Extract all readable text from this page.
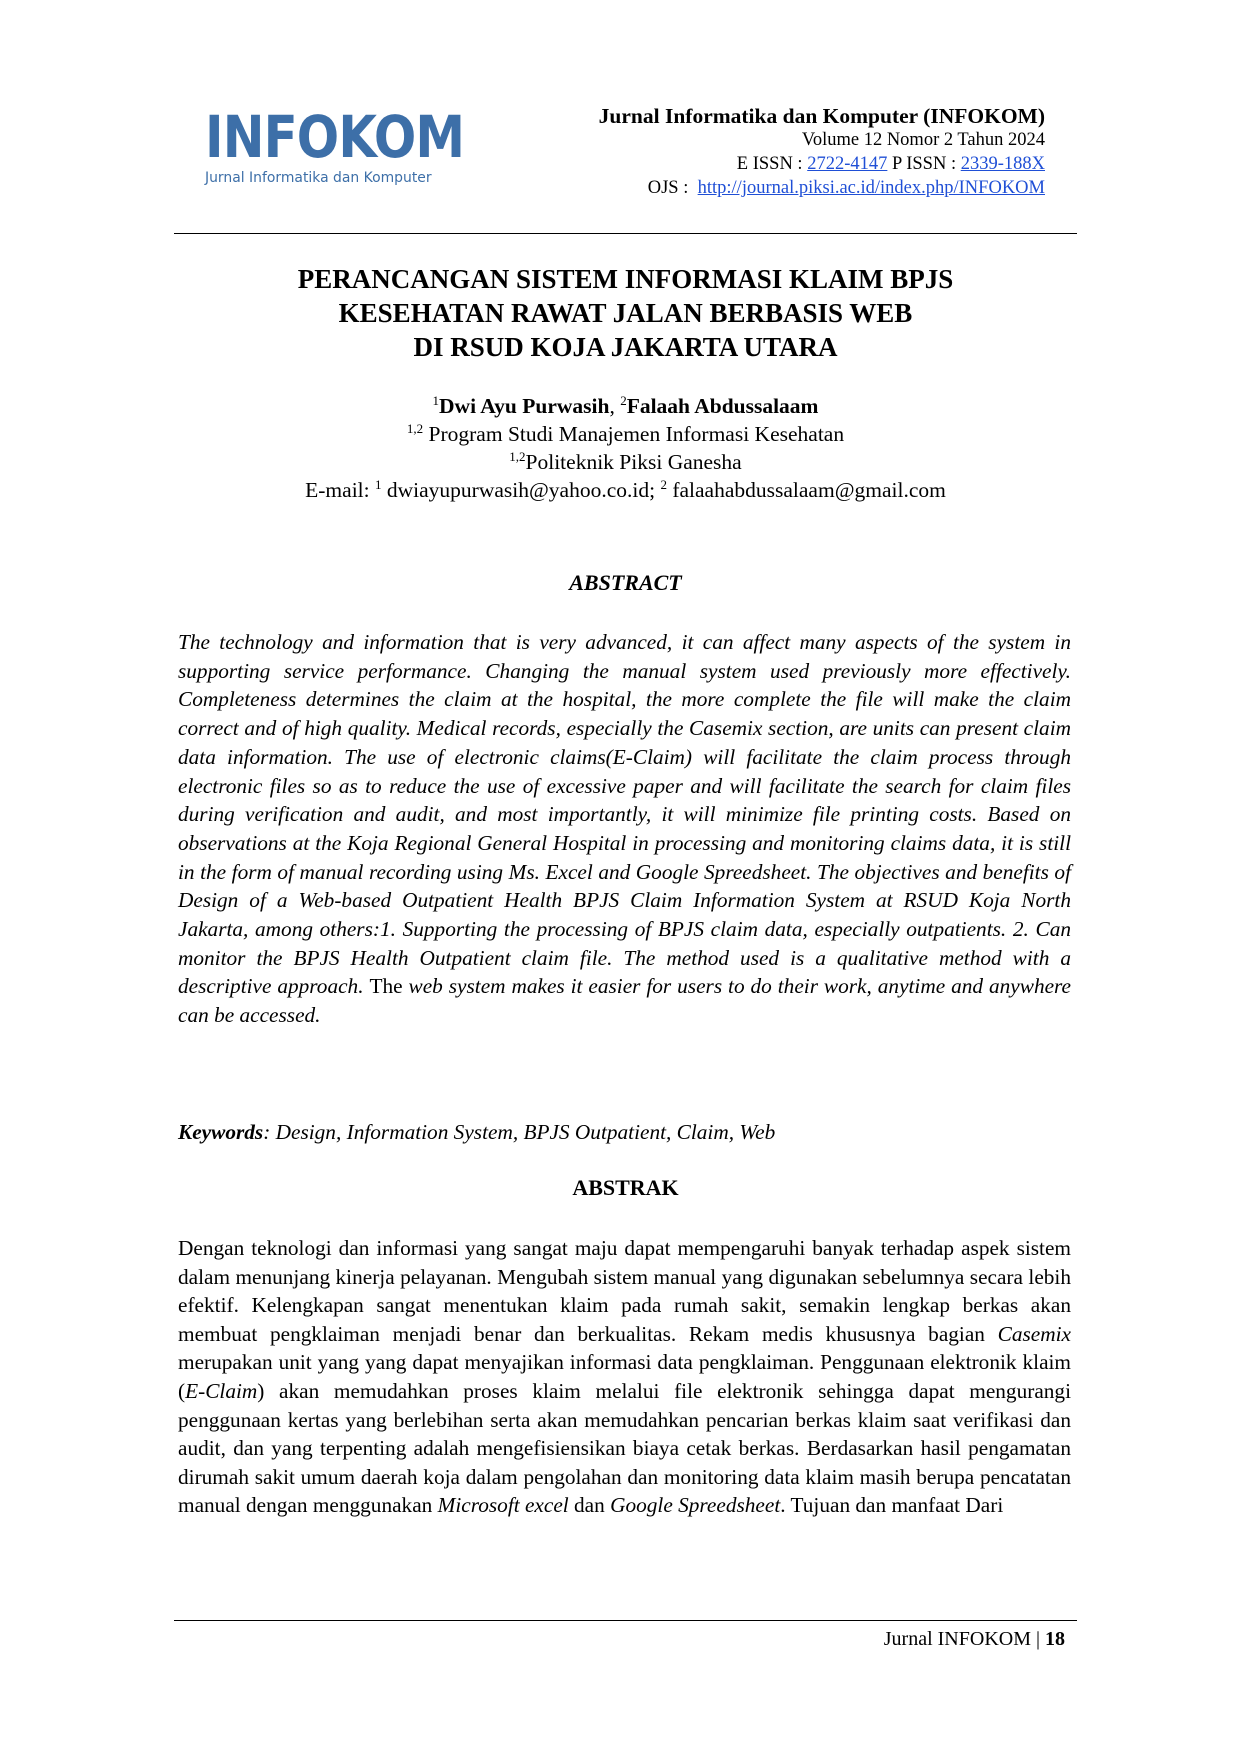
INFOKOM
Jurnal Informatika dan Komputer
Jurnal Informatika dan Komputer (INFOKOM)
Volume 12 Nomor 2 Tahun 2024
E ISSN : 2722-4147 P ISSN : 2339-188X
OJS : http://journal.piksi.ac.id/index.php/INFOKOM
PERANCANGAN SISTEM INFORMASI KLAIM BPJS
KESEHATAN RAWAT JALAN BERBASIS WEB
DI RSUD KOJA JAKARTA UTARA
$^1$Dwi Ayu Purwasih, $^2$Falaah Abdussalaam
$^{1,2}$ Program Studi Manajemen Informasi Kesehatan
$^{1,2}$Politeknik Piksi Ganesha
E-mail: $^1$ dwiayupurwasih@yahoo.co.id; $^2$ falaahabdussalaam@gmail.com
ABSTRACT
The technology and information that is very advanced, it can affect many aspects of the system in supporting service performance. Changing the manual system used previously more effectively. Completeness determines the claim at the hospital, the more complete the file will make the claim correct and of high quality. Medical records, especially the Casemix section, are units can present claim data information. The use of electronic claims(E-Claim) will facilitate the claim process through electronic files so as to reduce the use of excessive paper and will facilitate the search for claim files during verification and audit, and most importantly, it will minimize file printing costs. Based on observations at the Koja Regional General Hospital in processing and monitoring claims data, it is still in the form of manual recording using Ms. Excel and Google Spreedsheet. The objectives and benefits of Design of a Web-based Outpatient Health BPJS Claim Information System at RSUD Koja North Jakarta, among others:1. Supporting the processing of BPJS claim data, especially outpatients. 2. Can monitor the BPJS Health Outpatient claim file. The method used is a qualitative method with a descriptive approach. The web system makes it easier for users to do their work, anytime and anywhere can be accessed.
Keywords: Design, Information System, BPJS Outpatient, Claim, Web
ABSTRAK
Dengan teknologi dan informasi yang sangat maju dapat mempengaruhi banyak terhadap aspek sistem dalam menunjang kinerja pelayanan. Mengubah sistem manual yang digunakan sebelumnya secara lebih efektif. Kelengkapan sangat menentukan klaim pada rumah sakit, semakin lengkap berkas akan membuat pengklaiman menjadi benar dan berkualitas. Rekam medis khususnya bagian Casemix merupakan unit yang yang dapat menyajikan informasi data pengklaiman. Penggunaan elektronik klaim (E-Claim) akan memudahkan proses klaim melalui file elektronik sehingga dapat mengurangi penggunaan kertas yang berlebihan serta akan memudahkan pencarian berkas klaim saat verifikasi dan audit, dan yang terpenting adalah mengefisiensikan biaya cetak berkas. Berdasarkan hasil pengamatan dirumah sakit umum daerah koja dalam pengolahan dan monitoring data klaim masih berupa pencatatan manual dengan menggunakan Microsoft excel dan Google Spreedsheet. Tujuan dan manfaat Dari
Jurnal INFOKOM | 18
